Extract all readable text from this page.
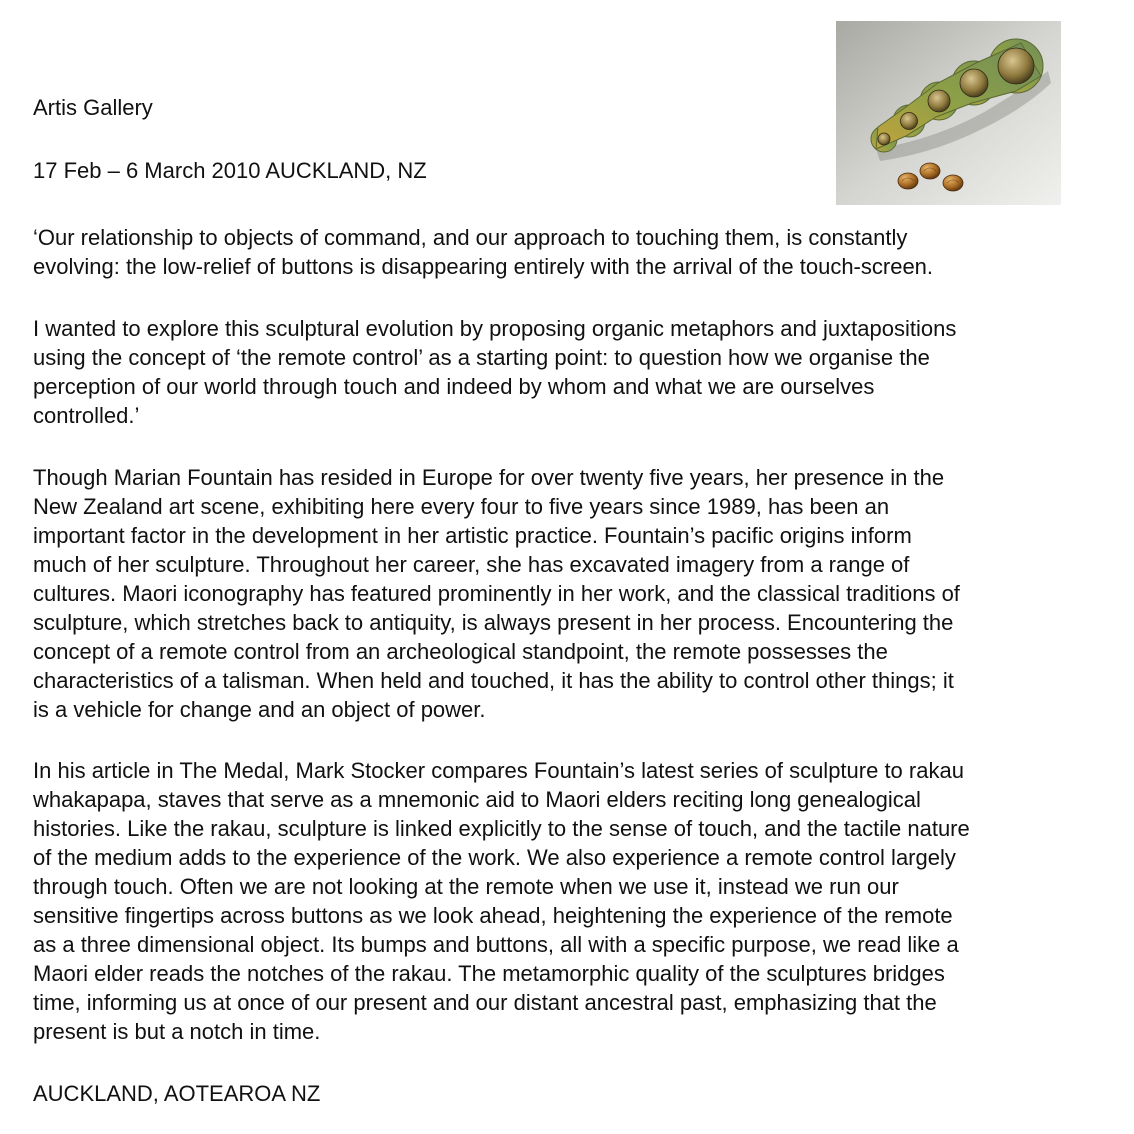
Artis Gallery

17 Feb – 6 March 2010 AUCKLAND, NZ

‘Our relationship to objects of command, and our approach to touching them, is constantly
evolving: the low-relief of buttons is disappearing entirely with the arrival of the touch-screen.
I wanted to explore this sculptural evolution by proposing organic metaphors and juxtapositions
using the concept of ‘the remote control’ as a starting point: to question how we organise the
perception of our world through touch and indeed by whom and what we are ourselves
controlled.’
Though Marian Fountain has resided in Europe for over twenty five years, her presence in the
New Zealand art scene, exhibiting here every four to five years since 1989, has been an
important factor in the development in her artistic practice. Fountain’s pacific origins inform
much of her sculpture. Throughout her career, she has excavated imagery from a range of
cultures. Maori iconography has featured prominently in her work, and the classical traditions of
sculpture, which stretches back to antiquity, is always present in her process. Encountering the
concept of a remote control from an archeological standpoint, the remote possesses the
characteristics of a talisman. When held and touched, it has the ability to control other things; it
is a vehicle for change and an object of power.
In his article in The Medal, Mark Stocker compares Fountain’s latest series of sculpture to rakau
whakapapa, staves that serve as a mnemonic aid to Maori elders reciting long genealogical
histories. Like the rakau, sculpture is linked explicitly to the sense of touch, and the tactile nature
of the medium adds to the experience of the work. We also experience a remote control largely
through touch. Often we are not looking at the remote when we use it, instead we run our
sensitive fingertips across buttons as we look ahead, heightening the experience of the remote
as a three dimensional object. Its bumps and buttons, all with a specific purpose, we read like a
Maori elder reads the notches of the rakau. The metamorphic quality of the sculptures bridges
time, informing us at once of our present and our distant ancestral past, emphasizing that the
present is but a notch in time.

AUCKLAND, AOTEAROA NZ
